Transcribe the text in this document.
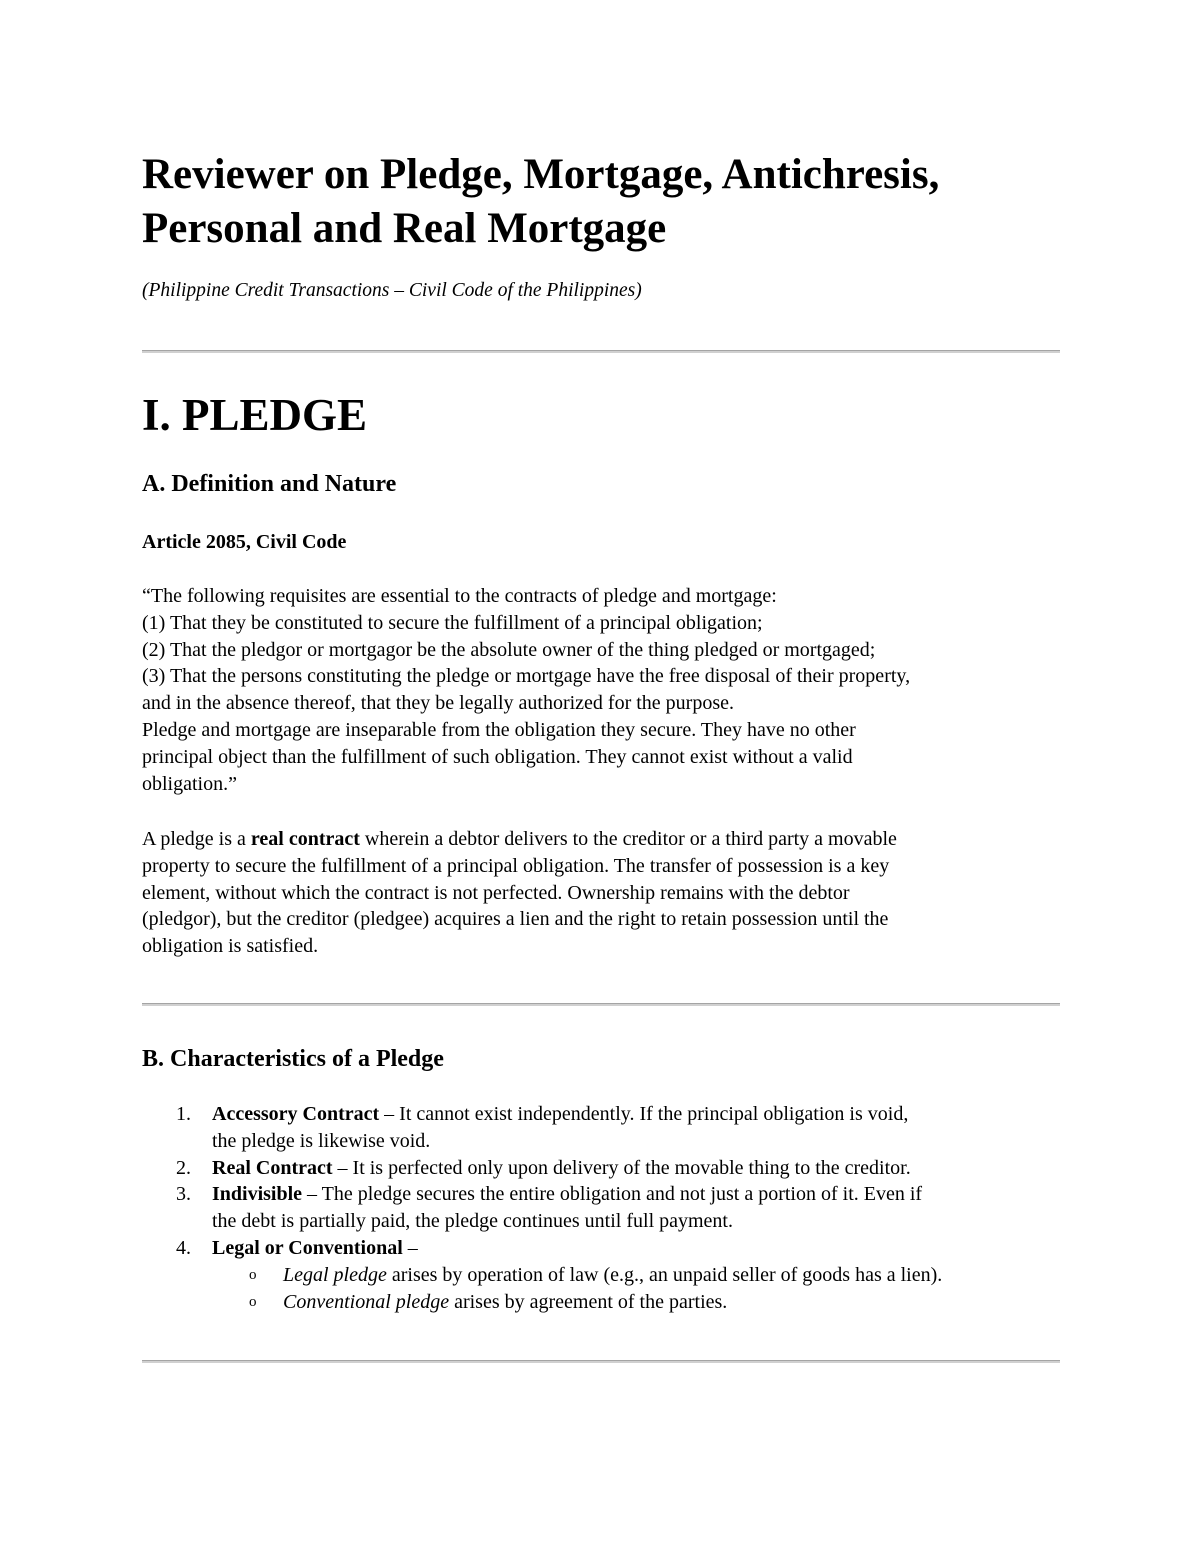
Reviewer on Pledge, Mortgage, Antichresis,
Personal and Real Mortgage

(Philippine Credit Transactions – Civil Code of the Philippines)

I. PLEDGE
A. Definition and Nature
Article 2085, Civil Code
“The following requisites are essential to the contracts of pledge and mortgage:
(1) That they be constituted to secure the fulfillment of a principal obligation;
(2) That the pledgor or mortgagor be the absolute owner of the thing pledged or mortgaged;
(3) That the persons constituting the pledge or mortgage have the free disposal of their property,
and in the absence thereof, that they be legally authorized for the purpose.
Pledge and mortgage are inseparable from the obligation they secure. They have no other
principal object than the fulfillment of such obligation. They cannot exist without a valid
obligation.”
A pledge is a real contract wherein a debtor delivers to the creditor or a third party a movable
property to secure the fulfillment of a principal obligation. The transfer of possession is a key
element, without which the contract is not perfected. Ownership remains with the debtor
(pledgor), but the creditor (pledgee) acquires a lien and the right to retain possession until the
obligation is satisfied.
B. Characteristics of a Pledge
1. Accessory Contract – It cannot exist independently. If the principal obligation is void,
the pledge is likewise void.
2. Real Contract – It is perfected only upon delivery of the movable thing to the creditor.
3. Indivisible – The pledge secures the entire obligation and not just a portion of it. Even if
the debt is partially paid, the pledge continues until full payment.
4. Legal or Conventional –
o Legal pledge arises by operation of law (e.g., an unpaid seller of goods has a lien).
o Conventional pledge arises by agreement of the parties.
